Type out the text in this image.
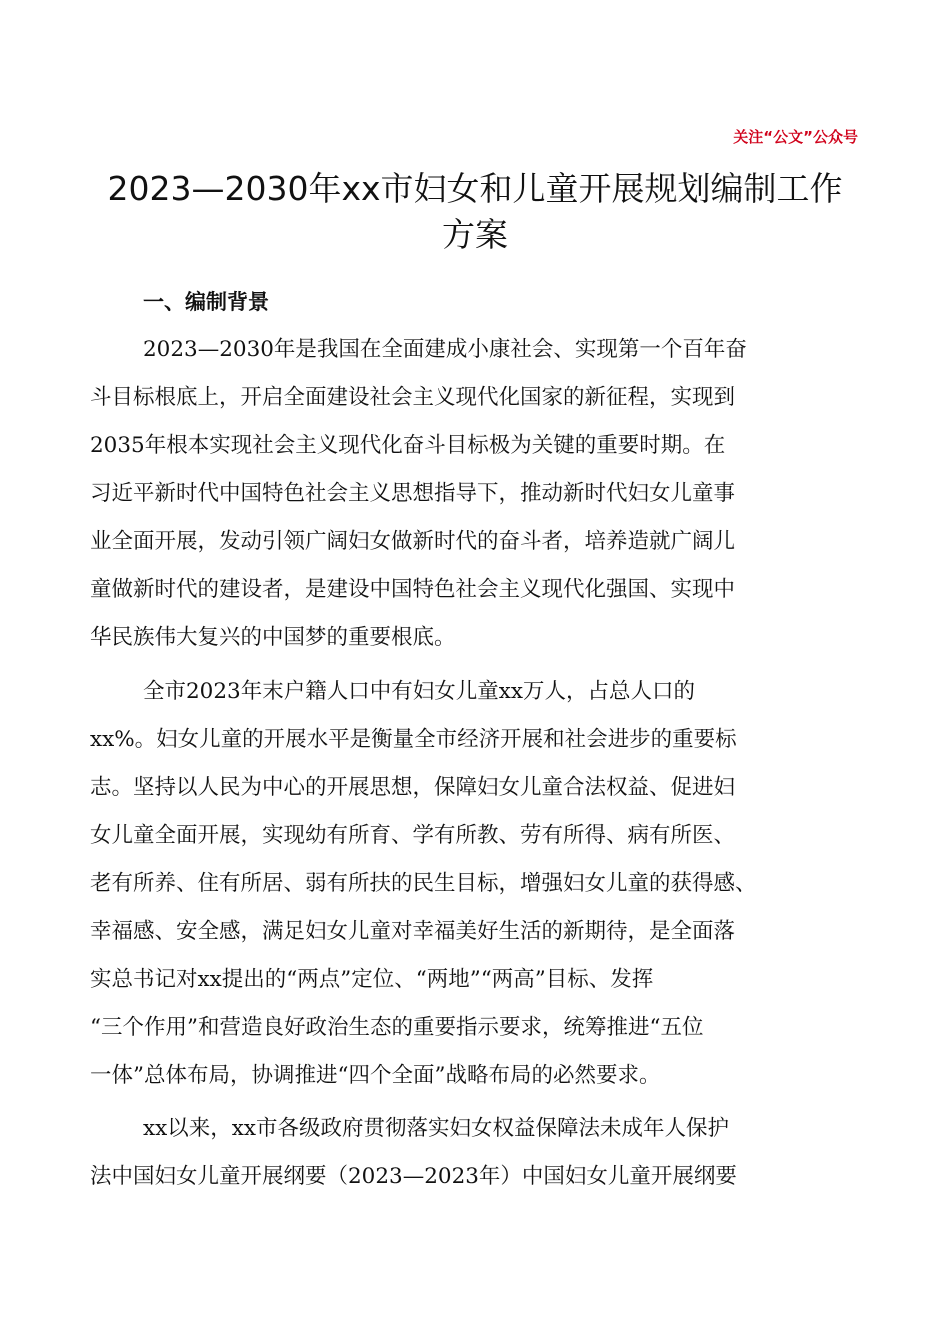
关注“公文”公众号
2023—2030年xx市妇女和儿童开展规划编制工作
方案
一、编制背景

2023—2030年是我国在全面建成小康社会、实现第一个百年奋
斗目标根底上，开启全面建设社会主义现代化国家的新征程，实现到
2035年根本实现社会主义现代化奋斗目标极为关键的重要时期。在
习近平新时代中国特色社会主义思想指导下，推动新时代妇女儿童事
业全面开展，发动引领广阔妇女做新时代的奋斗者，培养造就广阔儿
童做新时代的建设者，是建设中国特色社会主义现代化强国、实现中
华民族伟大复兴的中国梦的重要根底。

全市2023年末户籍人口中有妇女儿童xx万人，占总人口的
xx%。妇女儿童的开展水平是衡量全市经济开展和社会进步的重要标
志。坚持以人民为中心的开展思想，保障妇女儿童合法权益、促进妇
女儿童全面开展，实现幼有所育、学有所教、劳有所得、病有所医、
老有所养、住有所居、弱有所扶的民生目标，增强妇女儿童的获得感、
幸福感、安全感，满足妇女儿童对幸福美好生活的新期待，是全面落
实总书记对xx提出的“两点”定位、“两地”“两高”目标、发挥
“三个作用”和营造良好政治生态的重要指示要求，统筹推进“五位
一体”总体布局，协调推进“四个全面”战略布局的必然要求。

xx以来，xx市各级政府贯彻落实妇女权益保障法未成年人保护
法中国妇女儿童开展纲要（2023—2023年）中国妇女儿童开展纲要
